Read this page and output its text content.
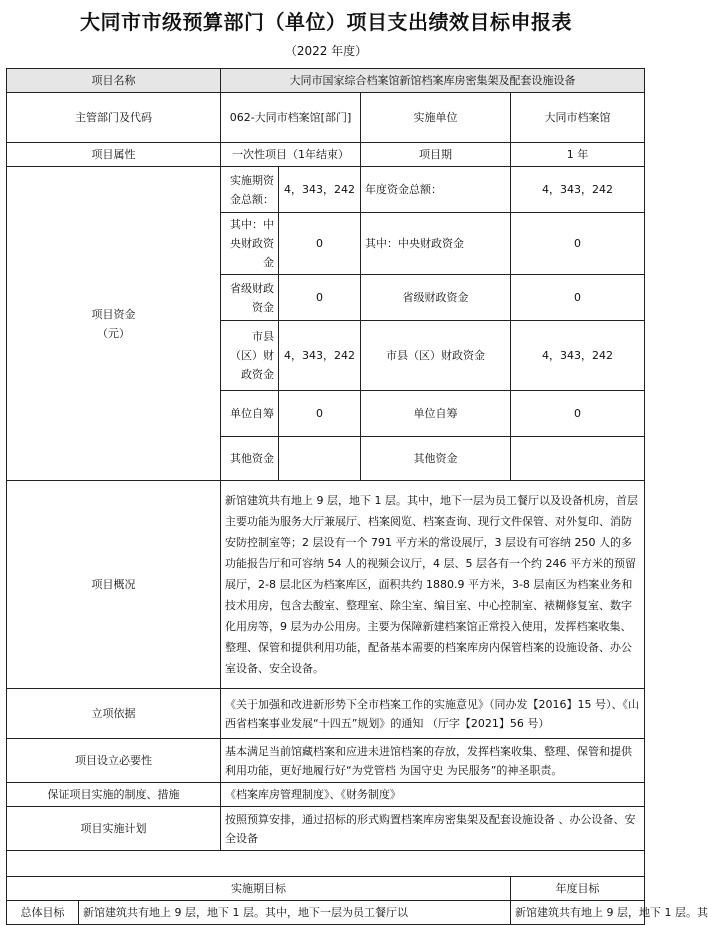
大同市市级预算部门（单位）项目支出绩效目标申报表
（2022 年度）
项目名称		大同市国家综合档案馆新馆档案库房密集架及配套设施设备			
主管部门及代码		062-大同市档案馆[部门]		实施单位	大同市档案馆
项目属性		一次性项目（1年结束）		项目期	1 年

项目资金
（元）		实施期资金总额：	4，343，242	年度资金总额：	4，343，242
		其中：中央财政资金	0	其中：中央财政资金	0
		省级财政资金	0	省级财政资金	0
		市县（区）财政资金	4，343，242	市县（区）财政资金	4，343，242
		单位自筹	0	单位自筹	0
		其他资金		其他资金	
项目概况		新馆建筑共有地上 9 层，地下 1 层。其中，地下一层为员工餐厅以及设备机房，首层主要功能为服务大厅兼展厅、档案阅览、档案查询、现行文件保管、对外复印、消防安防控制室等；2 层设有一个 791 平方米的常设展厅，3 层设有可容纳 250 人的多功能报告厅和可容纳 54 人的视频会议厅，4 层、5 层各有一个约 246 平方米的预留展厅，2-8 层北区为档案库区，面积共约 1880.9 平方米，3-8 层南区为档案业务和技术用房，包含去酸室、整理室、除尘室、编目室、中心控制室、裱糊修复室、数字化用房等，9 层为办公用房。主要为保障新建档案馆正常投入使用，发挥档案收集、整理、保管和提供利用功能，配备基本需要的档案库房内保管档案的设施设备、办公室设备、安全设备。			
立项依据		《关于加强和改进新形势下全市档案工作的实施意见》（同办发【2016】15 号）、《山西省档案事业发展“十四五”规划》的通知 （厅字【2021】56 号）			
项目设立必要性		基本满足当前馆藏档案和应进未进馆档案的存放，发挥档案收集、整理、保管和提供利用功能，更好地履行好“为党管档 为国守史 为民服务”的神圣职责。			
保证项目实施的制度、措施		《档案库房管理制度》、《财务制度》			
项目实施计划		按照预算安排，通过招标的形式购置档案库房密集架及配套设施设备 、办公设备、安全设备			

实施期目标					年度目标
总体目标	新馆建筑共有地上 9 层，地下 1 层。其中，地下一层为员工餐厅以				新馆建筑共有地上 9 层，地下 1 层。其
